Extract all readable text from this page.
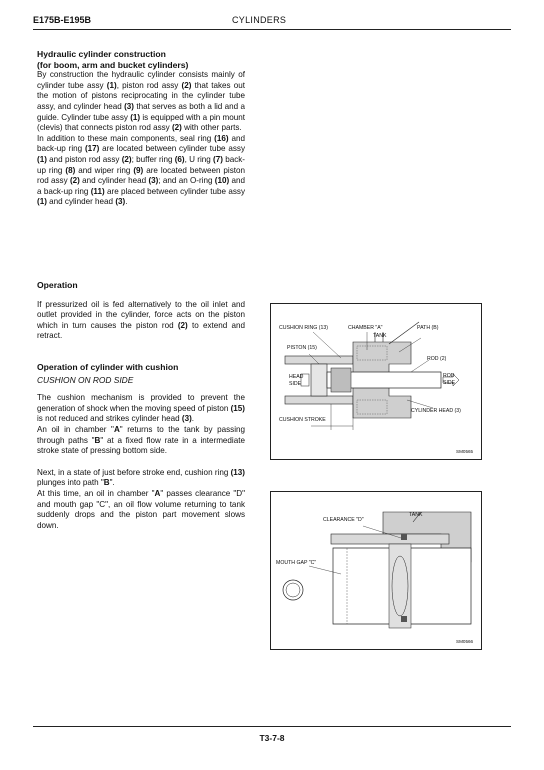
E175B-E195B	CYLINDERS

Hydraulic cylinder construction

(for boom, arm and bucket cylinders)

By construction the hydraulic cylinder consists mainly of cylinder tube assy (1), piston rod assy (2) that takes out the motion of pistons reciprocating in the cylinder tube assy, and cylinder head (3) that serves as both a lid and a guide. Cylinder tube assy (1) is equipped with a pin mount (clevis) that connects piston rod assy (2) with other parts.

In addition to these main components, seal ring (16) and back-up ring (17) are located between cylinder tube assy (1) and piston rod assy (2); buffer ring (6), U ring (7) back-up ring (8) and wiper ring (9) are located between piston rod assy (2) and cylinder head (3); and an O-ring (10) and a back-up ring (11) are placed between cylinder tube assy (1) and cylinder head (3).

Operation

If pressurized oil is fed alternatively to the oil inlet and outlet provided in the cylinder, force acts on the piston which in turn causes the piston rod (2) to extend and retract.

Operation of cylinder with cushion

CUSHION ON ROD SIDE

The cushion mechanism is provided to prevent the generation of shock when the moving speed of piston (15) is not reduced and strikes cylinder head (3).

An oil in chamber "A" returns to the tank by passing through paths "B" at a fixed flow rate in a intermediate stroke state of pressing bottom side.

Next, in a state of just before stroke end, cushion ring (13) plunges into path "B".

At this time, an oil in chamber "A" passes clearance "D" and mouth gap "C", an oil flow volume returning to tank suddenly drops and the piston part movement slows down.

CUSHION RING (13)	CHAMBER "A"	PATH (B)
TANK
PISTON (15)
ROD (2)
HEAD
SIDE
ROD
SIDE
CUSHION STROKE
CYLINDER HEAD (3)
SM0565
CLEARANCE "D"
TANK
MOUTH GAP "C"
SM0566
T3-7-8
